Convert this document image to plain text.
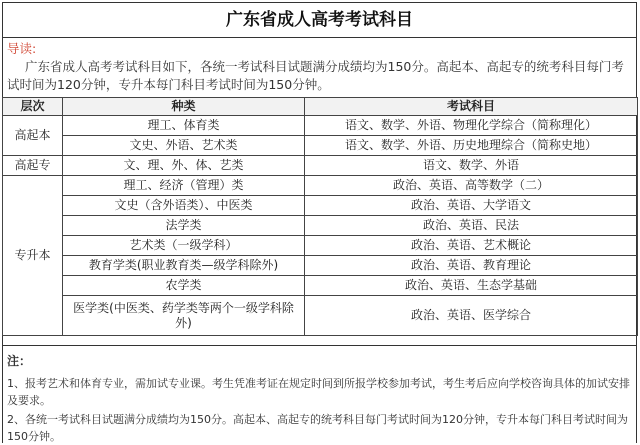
广东省成人高考考试科目
导读:
广东省成人高考考试科目如下，各统一考试科目试题满分成绩均为150分。高起本、高起专的统考科目每门考试时间为120分钟，专升本每门科目考试时间为150分钟。
层次	种类	考试科目
高起本	理工、体育类	语文、数学、外语、物理化学综合（简称理化）
	文史、外语、艺术类	语文、数学、外语、历史地理综合（简称史地）
高起专	文、理、外、体、艺类	语文、数学、外语
专升本	理工、经济（管理）类	政治、英语、高等数学（二）
	文史（含外语类）、中医类	政治、英语、大学语文
	法学类	政治、英语、民法
	艺术类（一级学科）	政治、英语、艺术概论
	教育学类(职业教育类—级学科除外)	政治、英语、教育理论
	农学类	政治、英语、生态学基础
	医学类(中医类、药学类等两个一级学科除外)	政治、英语、医学综合
注：
1、报考艺术和体育专业，需加试专业课。考生凭准考证在规定时间到所报学校参加考试，考生考后应向学校咨询具体的加试安排及要求。
2、各统一考试科目试题满分成绩均为150分。高起本、高起专的统考科目每门考试时间为120分钟，专升本每门科目考试时间为150分钟。
